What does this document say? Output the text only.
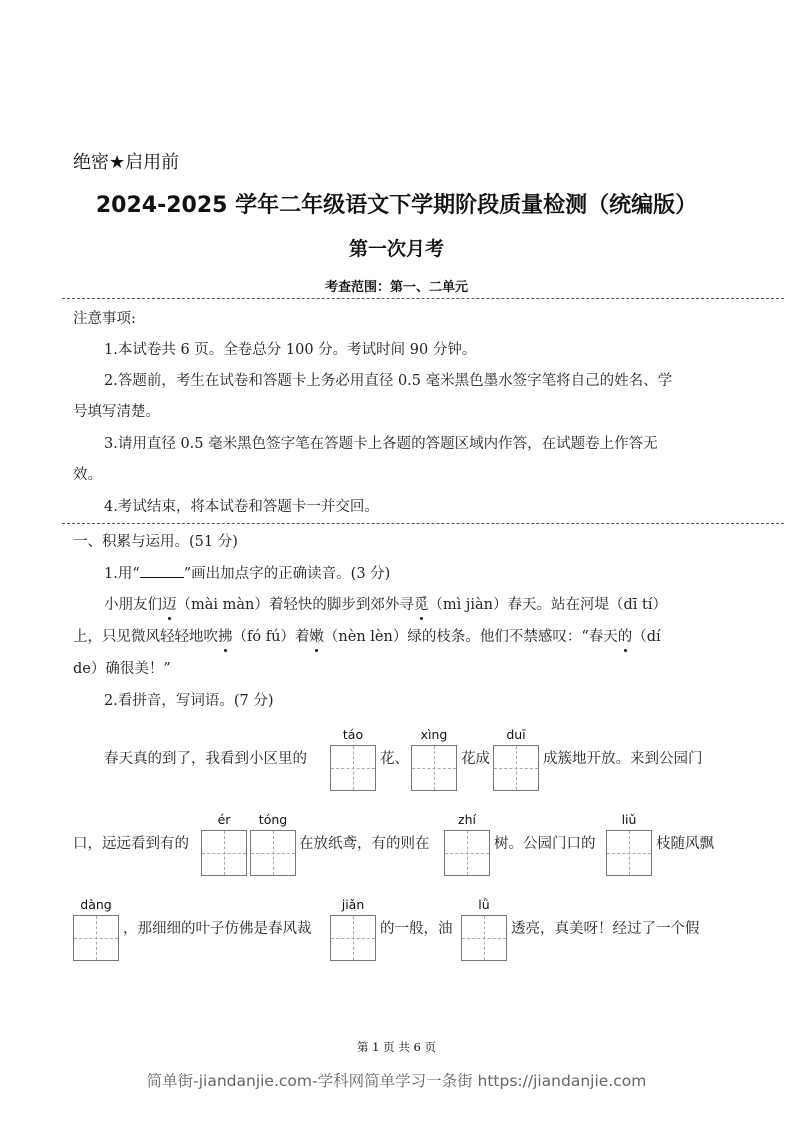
绝密★启用前
2024-2025 学年二年级语文下学期阶段质量检测（统编版）
第一次月考
考查范围：第一、二单元
注意事项:
1.本试卷共 6 页。全卷总分 100 分。考试时间 90 分钟。
2.答题前，考生在试卷和答题卡上务必用直径 0.5 毫米黑色墨水签字笔将自己的姓名、学
号填写清楚。
3.请用直径 0.5 毫米黑色签字笔在答题卡上各题的答题区域内作答，在试题卷上作答无
效。
4.考试结束，将本试卷和答题卡一并交回。
一、积累与运用。(51 分)
1.用“	”画出加点字的正确读音。(3 分)
小朋友们迈（mài màn）着轻快的脚步到郊外寻觅（mì jiàn）春天。站在河堤（dī tí）
上，只见微风轻轻地吹拂（fó fú）着嫩（nèn lèn）绿的枝条。他们不禁感叹：“春天的（dí
de）确很美！”
2.看拼音，写词语。(7 分)
春天真的到了，我看到小区里的
táo
花、
xìng
花成
duī
成簇地开放。来到公园门
口，远远看到有的
ér	tóng
在放纸鸢，有的则在
zhí
树。公园门口的
liǔ
枝随风飘
dàng
，那细细的叶子仿佛是春风裁
jiǎn
的一般，油
lǜ
透亮，真美呀！经过了一个假
第 1 页 共 6 页
简单街-jiandanjie.com-学科网简单学习一条街 https://jiandanjie.com
